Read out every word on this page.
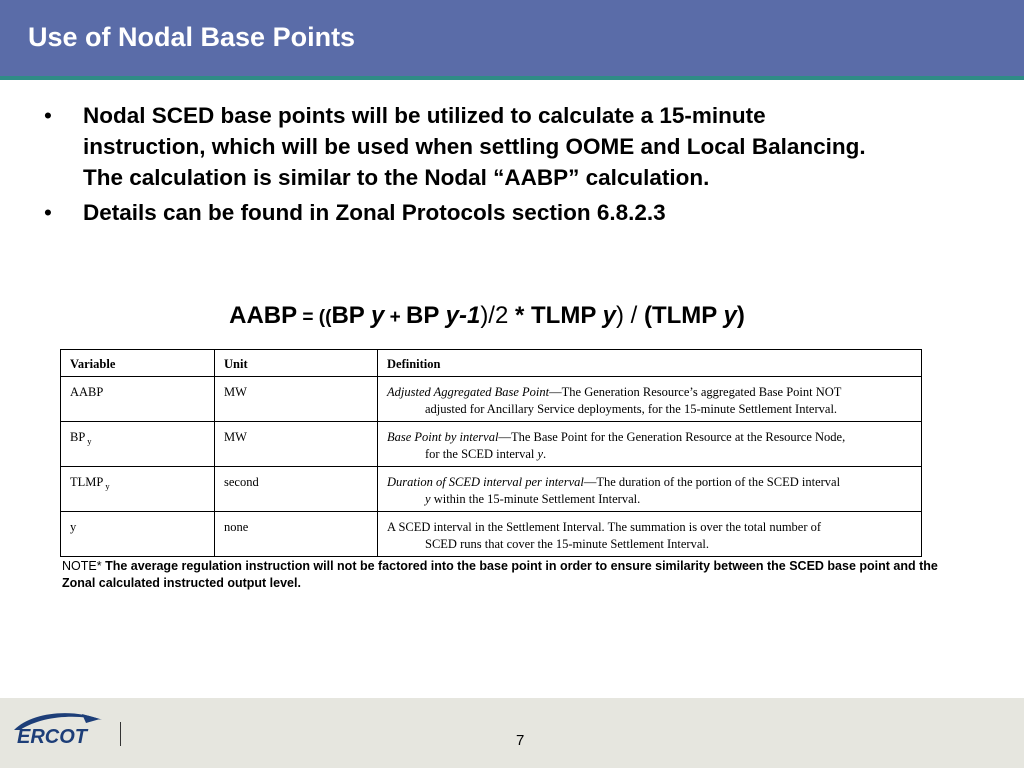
Use of Nodal Base Points
• Nodal SCED base points will be utilized to calculate a 15-minute instruction, which will be used when settling OOME and Local Balancing. The calculation is similar to the Nodal “AABP” calculation.
• Details can be found in Zonal Protocols section 6.8.2.3
AABP = ((BP y + BP y-1)/2 * TLMP y) / (TLMP y)
Variable	Unit	Definition
AABP	MW	Adjusted Aggregated Base Point—The Generation Resource’s aggregated Base Point NOT
adjusted for Ancillary Service deployments, for the 15-minute Settlement Interval.

BP $_y$	MW	Base Point by interval—The Base Point for the Generation Resource at the Resource Node,
for the SCED interval y.

TLMP $_y$	second	Duration of SCED interval per interval—The duration of the portion of the SCED interval
y within the 15-minute Settlement Interval.

y	none	A SCED interval in the Settlement Interval. The summation is over the total number of
SCED runs that cover the 15-minute Settlement Interval.
NOTE* The average regulation instruction will not be factored into the base point in order to ensure similarity between the SCED base point and the Zonal calculated instructed output level.
ERCOT	7
